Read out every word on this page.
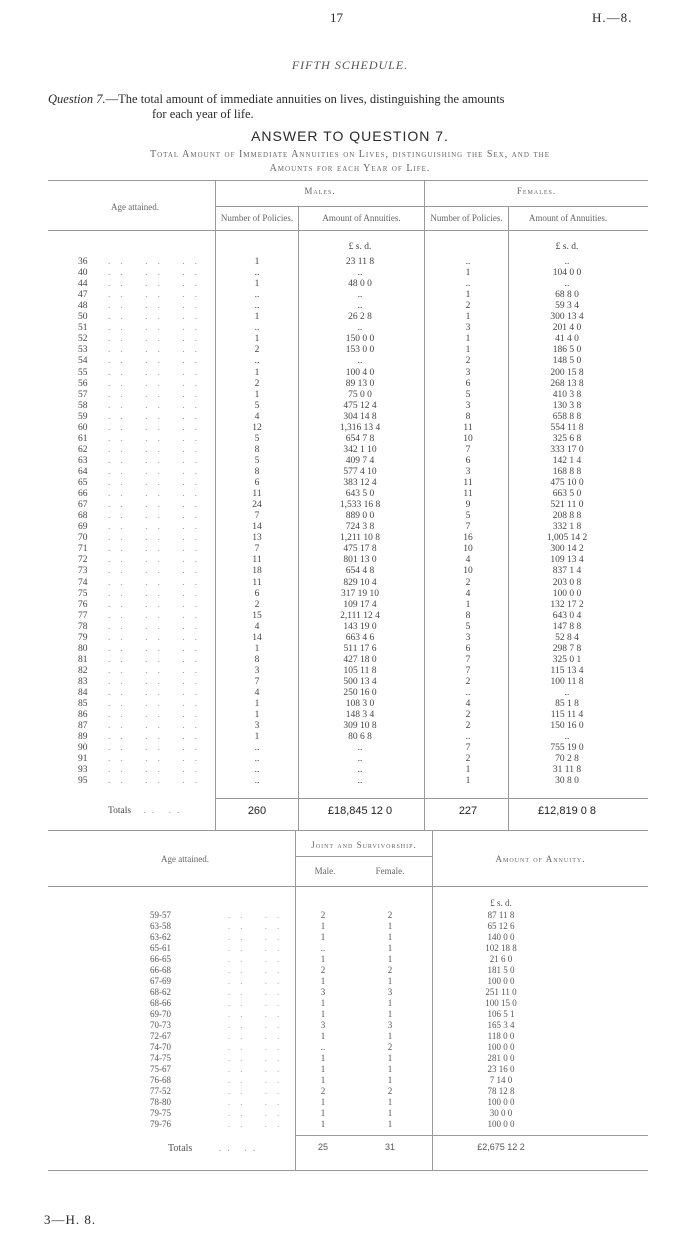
17	H.—8.
FIFTH SCHEDULE.
Question 7.—The total amount of immediate annuities on lives, distinguishing the amounts
for each year of life.
ANSWER TO QUESTION 7.
Total Amount of Immediate Annuities on Lives, distinguishing the Sex, and the
Amounts for each Year of Life.
Age attained.
Males.	Females.
Number of Policies.	Amount of Annuities.	Number of Policies.	Amount of Annuities.
£ s. d.	£ s. d.
36	.. .. ..	1	23 11 8	..	..
40	.. .. ..	..	..	1	104 0 0
44	.. .. ..	1	48 0 0	..	..
47	.. .. ..	..	..	1	68 8 0
48	.. .. ..	..	..	2	59 3 4
50	.. .. ..	1	26 2 8	1	300 13 4
51	.. .. ..	..	..	3	201 4 0
52	.. .. ..	1	150 0 0	1	41 4 0
53	.. .. ..	2	153 0 0	1	186 5 0
54	.. .. ..	..	..	2	148 5 0
55	.. .. ..	1	100 4 0	3	200 15 8
56	.. .. ..	2	89 13 0	6	268 13 8
57	.. .. ..	1	75 0 0	5	410 3 8
58	.. .. ..	5	475 12 4	3	130 3 8
59	.. .. ..	4	304 14 8	8	658 8 8
60	.. .. ..	12	1,316 13 4	11	554 11 8
61	.. .. ..	5	654 7 8	10	325 6 8
62	.. .. ..	8	342 1 10	7	333 17 0
63	.. .. ..	5	409 7 4	6	142 1 4
64	.. .. ..	8	577 4 10	3	168 8 8
65	.. .. ..	6	383 12 4	11	475 10 0
66	.. .. ..	11	643 5 0	11	663 5 0
67	.. .. ..	24	1,533 16 8	9	521 11 0
68	.. .. ..	7	889 0 0	5	208 8 8
69	.. .. ..	14	724 3 8	7	332 1 8
70	.. .. ..	13	1,211 10 8	16	1,005 14 2
71	.. .. ..	7	475 17 8	10	300 14 2
72	.. .. ..	11	801 13 0	4	109 13 4
73	.. .. ..	18	654 4 8	10	837 1 4
74	.. .. ..	11	829 10 4	2	203 0 8
75	.. .. ..	6	317 19 10	4	100 0 0
76	.. .. ..	2	109 17 4	1	132 17 2
77	.. .. ..	15	2,111 12 4	8	643 0 4
78	.. .. ..	4	143 19 0	5	147 8 8
79	.. .. ..	14	663 4 6	3	52 8 4
80	.. .. ..	1	511 17 6	6	298 7 8
81	.. .. ..	8	427 18 0	7	325 0 1
82	.. .. ..	3	105 11 8	7	115 13 4
83	.. .. ..	7	500 13 4	2	100 11 8
84	.. .. ..	4	250 16 0	..	..
85	.. .. ..	1	108 3 0	4	85 1 8
86	.. .. ..	1	148 3 4	2	115 11 4
87	.. .. ..	3	309 10 8	2	150 16 0
89	.. .. ..	1	80 6 8	..	..
90	.. .. ..	..	..	7	755 19 0
91	.. .. ..	..	..	2	70 2 8
93	.. .. ..	..	..	1	31 11 8
95	.. .. ..	..	..	1	30 8 0
Totals .. ..	260	£18,845 12 0	227	£12,819 0 8
Age attained.
Joint and Survivorship.
Male.	Female.
Amount of Annuity.
£ s. d.
59-57	.. ..	2	2	87 11 8
63-58	.. ..	1	1	65 12 6
63-62	.. ..	1	1	140 0 0
65-61	.. ..	..	1	102 18 8
66-65	.. ..	1	1	21 6 0
66-68	.. ..	2	2	181 5 0
67-69	.. ..	1	1	100 0 0
68-62	.. ..	3	3	251 11 0
68-66	.. ..	1	1	100 15 0
69-70	.. ..	1	1	106 5 1
70-73	.. ..	3	3	165 3 4
72-67	.. ..	1	1	118 0 0
74-70	.. ..	..	2	100 0 0
74-75	.. ..	1	1	281 0 0
75-67	.. ..	1	1	23 16 0
76-68	.. ..	1	1	7 14 0
77-52	.. ..	2	2	78 12 8
78-80	.. ..	1	1	100 0 0
79-75	.. ..	1	1	30 0 0
79-76	.. ..	1	1	100 0 0
Totals	.. ..	25	31	£2,675 12 2
3—H. 8.
